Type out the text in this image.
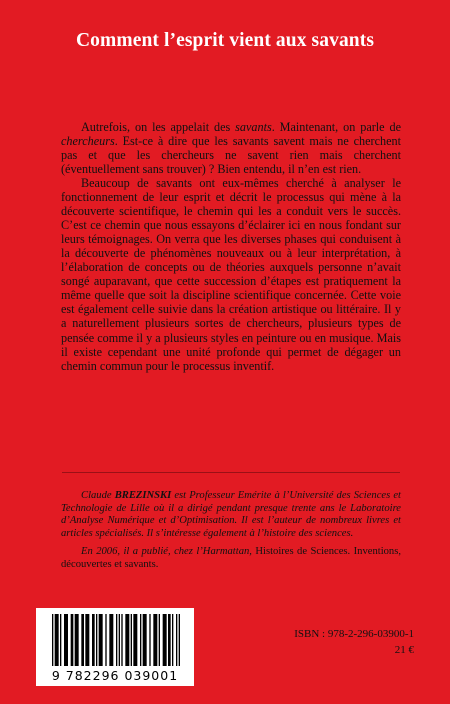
Comment l’esprit vient aux savants

Autrefois, on les appelait des savants. Maintenant, on parle de chercheurs. Est-ce à dire que les savants savent mais ne cherchent pas et que les chercheurs ne savent rien mais cherchent (éventuellement sans trouver) ? Bien entendu, il n’en est rien.

Beaucoup de savants ont eux-mêmes cherché à analyser le fonctionnement de leur esprit et décrit le processus qui mène à la découverte scientifique, le chemin qui les a conduit vers le succès. C’est ce chemin que nous essayons d’éclairer ici en nous fondant sur leurs témoignages. On verra que les diverses phases qui conduisent à la découverte de phénomènes nouveaux ou à leur interprétation, à l’élaboration de concepts ou de théories auxquels personne n’avait songé auparavant, que cette succession d’étapes est pratiquement la même quelle que soit la discipline scientifique concernée. Cette voie est également celle suivie dans la création artistique ou littéraire. Il y a naturellement plusieurs sortes de chercheurs, plusieurs types de pensée comme il y a plusieurs styles en peinture ou en musique. Mais il existe cependant une unité profonde qui permet de dégager un chemin commun pour le processus inventif.

Claude BREZINSKI est Professeur Emérite à l’Université des Sciences et Technologie de Lille où il a dirigé pendant presque trente ans le Laboratoire d’Analyse Numérique et d’Optimisation. Il est l’auteur de nombreux livres et articles spécialisés. Il s’intéresse également à l’histoire des sciences.

En 2006, il a publié, chez l’Harmattan, Histoires de Sciences. Inventions, découvertes et savants.

9 782296 039001
ISBN : 978-2-296-03900-1
21 €
